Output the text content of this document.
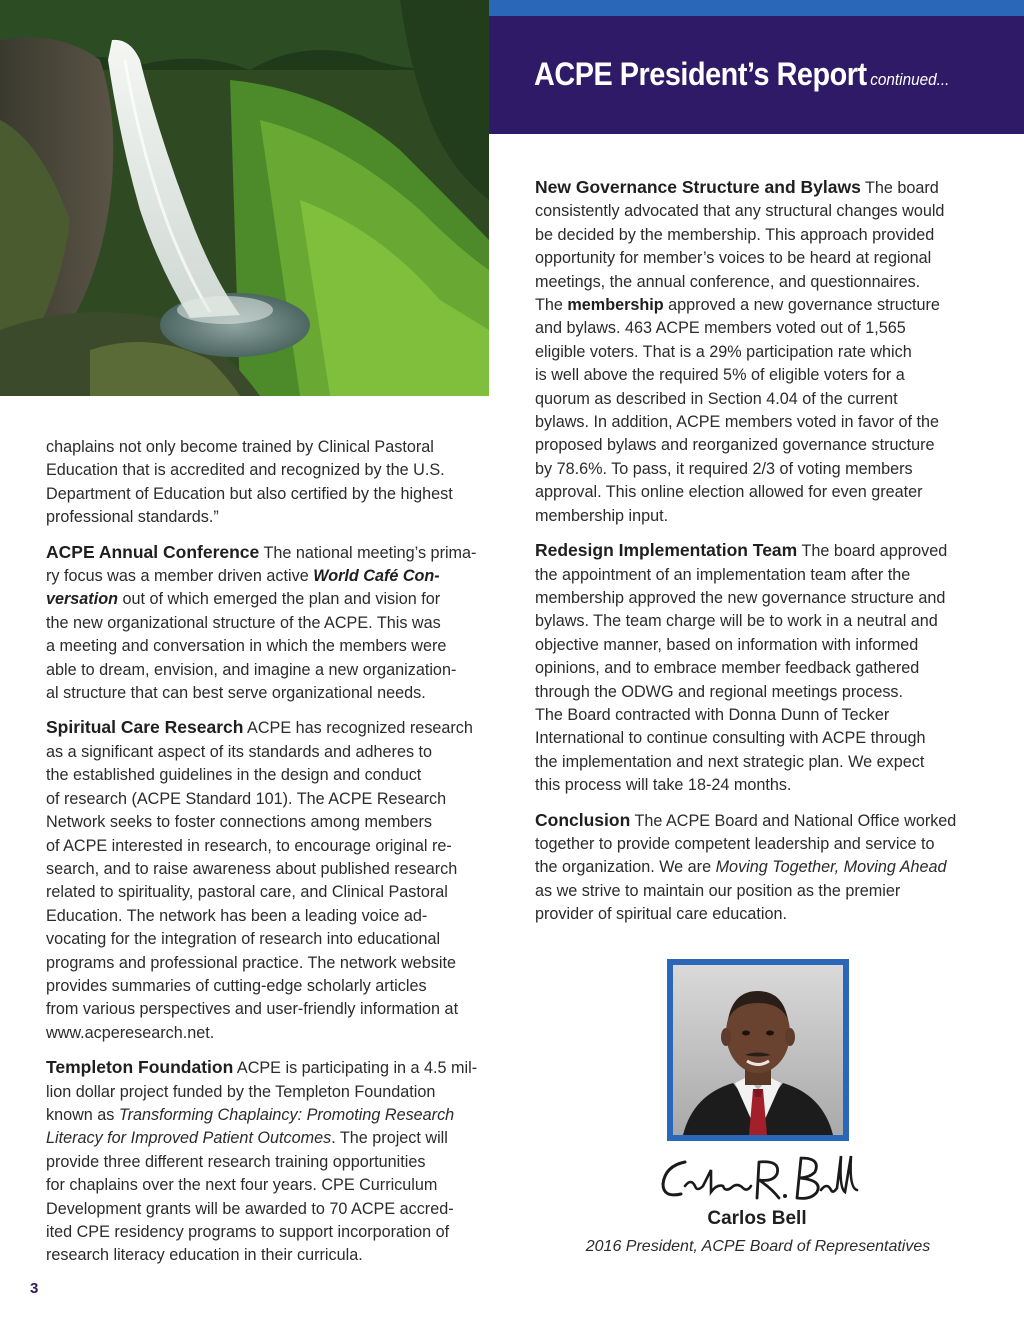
ACPE President’s Report continued...
chaplains not only become trained by Clinical Pastoral
Education that is accredited and recognized by the U.S.
Department of Education but also certified by the highest
professional standards.”
ACPE Annual Conference The national meeting’s prima-
ry focus was a member driven active World Café Con-
versation out of which emerged the plan and vision for
the new organizational structure of the ACPE. This was
a meeting and conversation in which the members were
able to dream, envision, and imagine a new organization-
al structure that can best serve organizational needs.
Spiritual Care Research ACPE has recognized research
as a significant aspect of its standards and adheres to
the established guidelines in the design and conduct
of research (ACPE Standard 101). The ACPE Research
Network seeks to foster connections among members
of ACPE interested in research, to encourage original re-
search, and to raise awareness about published research
related to spirituality, pastoral care, and Clinical Pastoral
Education. The network has been a leading voice ad-
vocating for the integration of research into educational
programs and professional practice. The network website
provides summaries of cutting-edge scholarly articles
from various perspectives and user-friendly information at
www.acperesearch.net.
Templeton Foundation ACPE is participating in a 4.5 mil-
lion dollar project funded by the Templeton Foundation
known as Transforming Chaplaincy: Promoting Research
Literacy for Improved Patient Outcomes. The project will
provide three different research training opportunities
for chaplains over the next four years. CPE Curriculum
Development grants will be awarded to 70 ACPE accred-
ited CPE residency programs to support incorporation of
research literacy education in their curricula.
New Governance Structure and Bylaws The board
consistently advocated that any structural changes would
be decided by the membership. This approach provided
opportunity for member’s voices to be heard at regional
meetings, the annual conference, and questionnaires.
The membership approved a new governance structure
and bylaws. 463 ACPE members voted out of 1,565
eligible voters. That is a 29% participation rate which
is well above the required 5% of eligible voters for a
quorum as described in Section 4.04 of the current
bylaws. In addition, ACPE members voted in favor of the
proposed bylaws and reorganized governance structure
by 78.6%. To pass, it required 2/3 of voting members
approval. This online election allowed for even greater
membership input.
Redesign Implementation Team The board approved
the appointment of an implementation team after the
membership approved the new governance structure and
bylaws. The team charge will be to work in a neutral and
objective manner, based on information with informed
opinions, and to embrace member feedback gathered
through the ODWG and regional meetings process.
The Board contracted with Donna Dunn of Tecker
International to continue consulting with ACPE through
the implementation and next strategic plan. We expect
this process will take 18-24 months.
Conclusion The ACPE Board and National Office worked
together to provide competent leadership and service to
the organization. We are Moving Together, Moving Ahead
as we strive to maintain our position as the premier
provider of spiritual care education.
Carlos Bell
2016 President, ACPE Board of Representatives
3
